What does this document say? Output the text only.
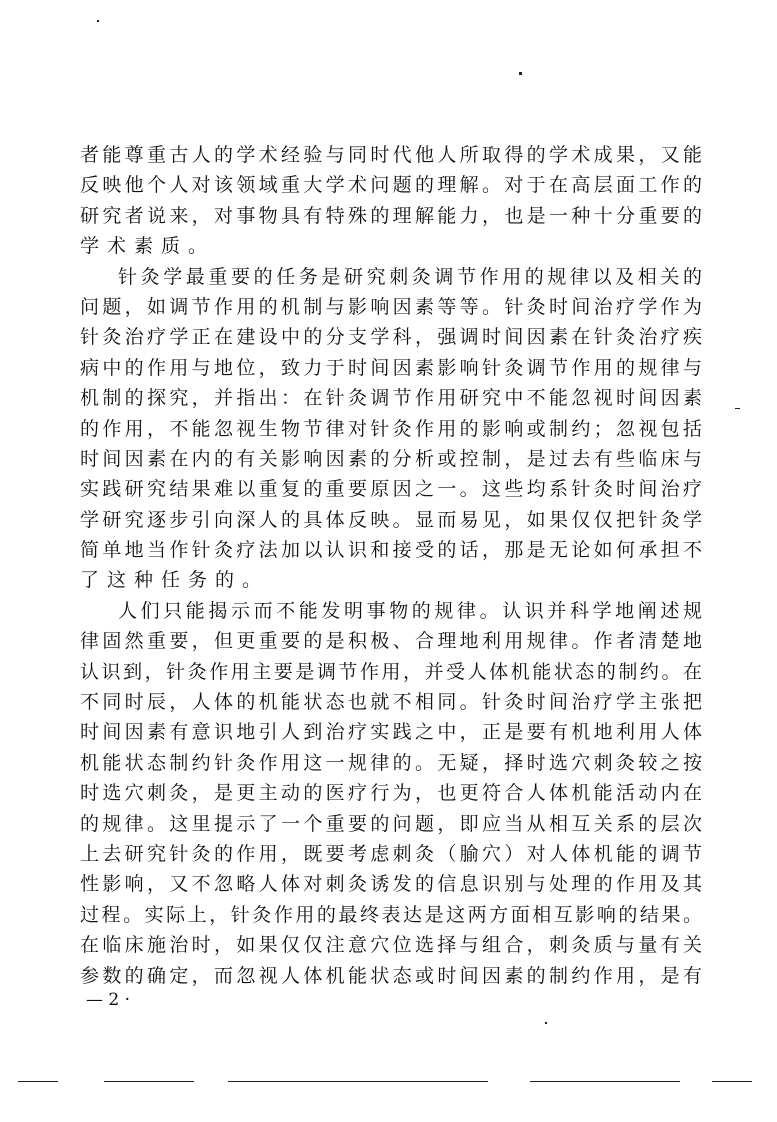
者能尊重古人的学术经验与同时代他人所取得的学术成果，又能
反映他个人对该领域重大学术问题的理解。对于在高层面工作的
研究者说来，对事物具有特殊的理解能力，也是一种十分重要的
学术素质。
针灸学最重要的任务是研究刺灸调节作用的规律以及相关的
问题，如调节作用的机制与影响因素等等。针灸时间治疗学作为
针灸治疗学正在建设中的分支学科，强调时间因素在针灸治疗疾
病中的作用与地位，致力于时间因素影响针灸调节作用的规律与
机制的探究，并指出：在针灸调节作用研究中不能忽视时间因素
的作用，不能忽视生物节律对针灸作用的影响或制约；忽视包括
时间因素在内的有关影响因素的分析或控制，是过去有些临床与
实践研究结果难以重复的重要原因之一。这些均系针灸时间治疗
学研究逐步引向深人的具体反映。显而易见，如果仅仅把针灸学
简单地当作针灸疗法加以认识和接受的话，那是无论如何承担不
了这种任务的。
人们只能揭示而不能发明事物的规律。认识并科学地阐述规
律固然重要，但更重要的是积极、合理地利用规律。作者清楚地
认识到，针灸作用主要是调节作用，并受人体机能状态的制约。在
不同时辰，人体的机能状态也就不相同。针灸时间治疗学主张把
时间因素有意识地引人到治疗实践之中，正是要有机地利用人体
机能状态制约针灸作用这一规律的。无疑，择时选穴刺灸较之按
时选穴刺灸，是更主动的医疗行为，也更符合人体机能活动内在
的规律。这里提示了一个重要的问题，即应当从相互关系的层次
上去研究针灸的作用，既要考虑刺灸（腧穴）对人体机能的调节
性影响，又不忽略人体对刺灸诱发的信息识别与处理的作用及其
过程。实际上，针灸作用的最终表达是这两方面相互影响的结果。
在临床施治时，如果仅仅注意穴位选择与组合，刺灸质与量有关
参数的确定，而忽视人体机能状态或时间因素的制约作用，是有
— 2 ·
